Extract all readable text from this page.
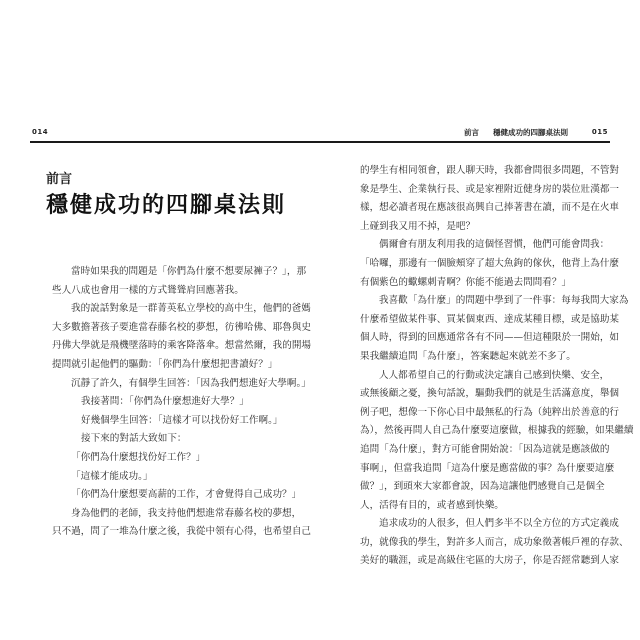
014
前言
穩健成功的四腳桌法則
當時如果我的問題是「你們為什麼不想要尿褲子？」，那
些人八成也會用一樣的方式聳聳肩回應著我。
我的說話對象是一群菁英私立學校的高中生，他們的爸媽
大多數擔著孩子要進當春藤名校的夢想，彷彿哈佛、耶魯與史
丹佛大學就是飛機墜落時的乘客降落傘。想當然爾，我的開場
提問就引起他們的驅動：「你們為什麼想把書讀好？」
沉靜了許久，有個學生回答：「因為我們想進好大學啊。」
我接著問：「你們為什麼想進好大學？」
好幾個學生回答：「這樣才可以找份好工作啊。」
接下來的對話大致如下：
「你們為什麼想找份好工作？」
「這樣才能成功。」
「你們為什麼想要高薪的工作，才會覺得自己成功？」
身為他們的老師，我支持他們想進常春藤名校的夢想，
只不過，問了一堆為什麼之後，我從中領有心得，也希望自己
前言 穩健成功的四腳桌法則	015
的學生有相同領會，跟人聊天時，我都會問很多問題，不管對
象是學生、企業執行長、或是家裡附近健身房的裝位壯漢都一
樣，想必讀者現在應該很高興自己捧著書在讀，而不是在火車
上碰到我又用不掉，是吧？
偶爾會有朋友利用我的這個怪習慣，他們可能會問我：
「哈囉，那邊有一個臉頰穿了超大魚鉤的傢伙，他背上為什麼
有個紫色的蠍螺刺青啊？你能不能過去問問看？」
我喜歡「為什麼」的問題中學到了一件事：每每我問大家為
什麼希望做某件事、買某個東西、達成某種目標，或是協助某
個人時，得到的回應通常各有不同——但這種限於一開始，如
果我繼續追問「為什麼」，答案聽起來就差不多了。
人人都希望自己的行動或決定讓自己感到快樂、安全，
或無後顧之憂，換句話說，驅動我們的就是生活滿意度，舉個
例子吧，想像一下你心目中最無私的行為（純粹出於善意的行
為），然後再問人自己為什麼要這麼做，根據我的經驗，如果繼續
追問「為什麼」，對方可能會開始說：「因為這就是應該做的
事啊」，但當我追問「這為什麼是應當做的事？為什麼要這麼
做？」，到頭來大家都會說，因為這讓他們感覺自己是個全
人，活得有目的，或者感到快樂。
追求成功的人很多，但人們多半不以全方位的方式定義成
功，就像我的學生，對許多人而言，成功象徵著帳戶裡的存款、
美好的職涯，或是高級住宅區的大房子，你是否經常聽到人家
